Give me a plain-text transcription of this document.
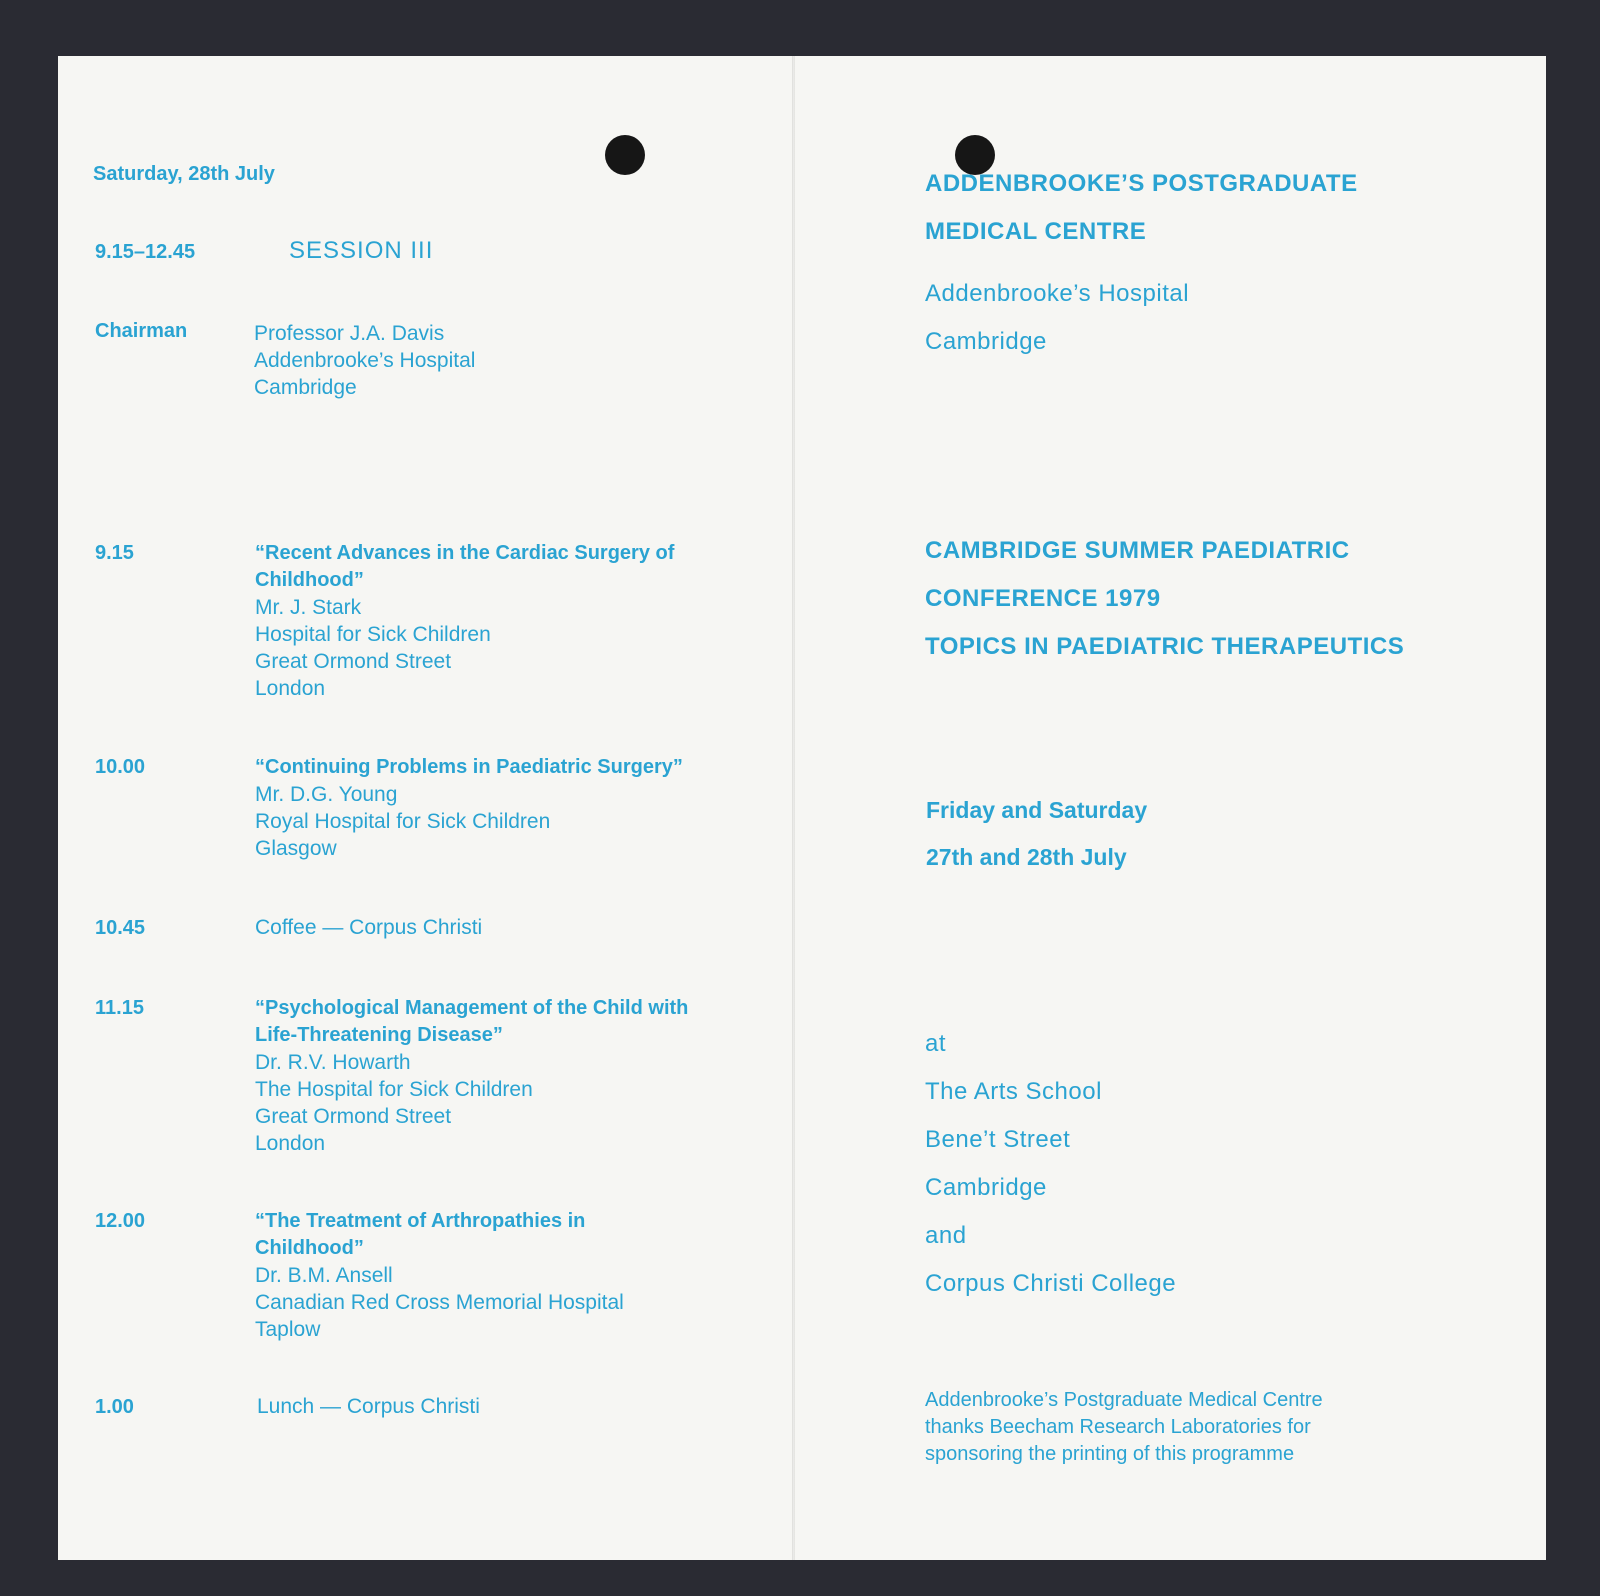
Saturday, 28th July
9.15–12.45	SESSION III
Chairman	Professor J.A. Davis
Addenbrooke’s Hospital
Cambridge
9.15	“Recent Advances in the Cardiac Surgery of
Childhood”
Mr. J. Stark
Hospital for Sick Children
Great Ormond Street
London
10.00	“Continuing Problems in Paediatric Surgery”
Mr. D.G. Young
Royal Hospital for Sick Children
Glasgow
10.45	Coffee — Corpus Christi
11.15	“Psychological Management of the Child with
Life-Threatening Disease”
Dr. R.V. Howarth
The Hospital for Sick Children
Great Ormond Street
London
12.00	“The Treatment of Arthropathies in
Childhood”
Dr. B.M. Ansell
Canadian Red Cross Memorial Hospital
Taplow
1.00	Lunch — Corpus Christi
ADDENBROOKE’S POSTGRADUATE
MEDICAL CENTRE
Addenbrooke’s Hospital
Cambridge
CAMBRIDGE SUMMER PAEDIATRIC
CONFERENCE 1979
TOPICS IN PAEDIATRIC THERAPEUTICS
Friday and Saturday
27th and 28th July
at
The Arts School
Bene’t Street
Cambridge
and
Corpus Christi College
Addenbrooke’s Postgraduate Medical Centre
thanks Beecham Research Laboratories for
sponsoring the printing of this programme
